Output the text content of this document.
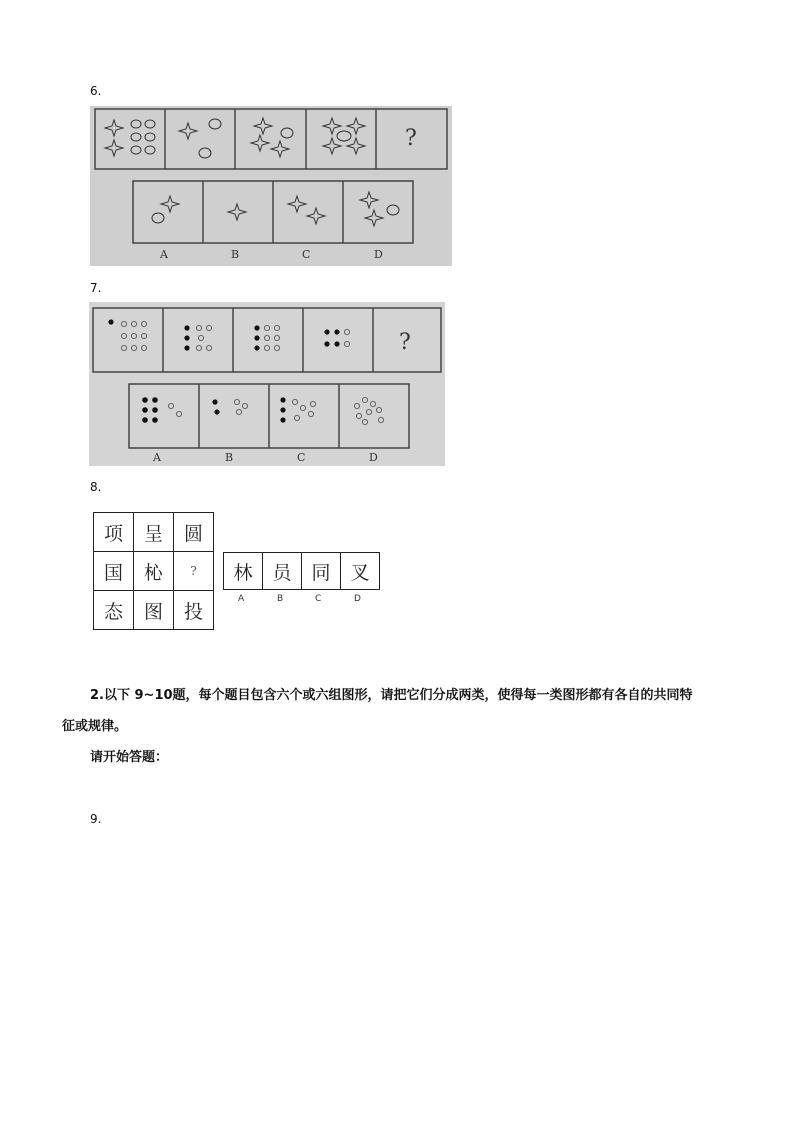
6.
?
A	B	C	D
7.
?
A	B	C	D
8.
项	呈	圆
国	杺	?
态	图	投
林	员	同	叉
A	B	C	D
2.以下 9~10题，每个题目包含六个或六组图形，请把它们分成两类，使得每一类图形都有各自的共同特
征或规律。
请开始答题：
9.
